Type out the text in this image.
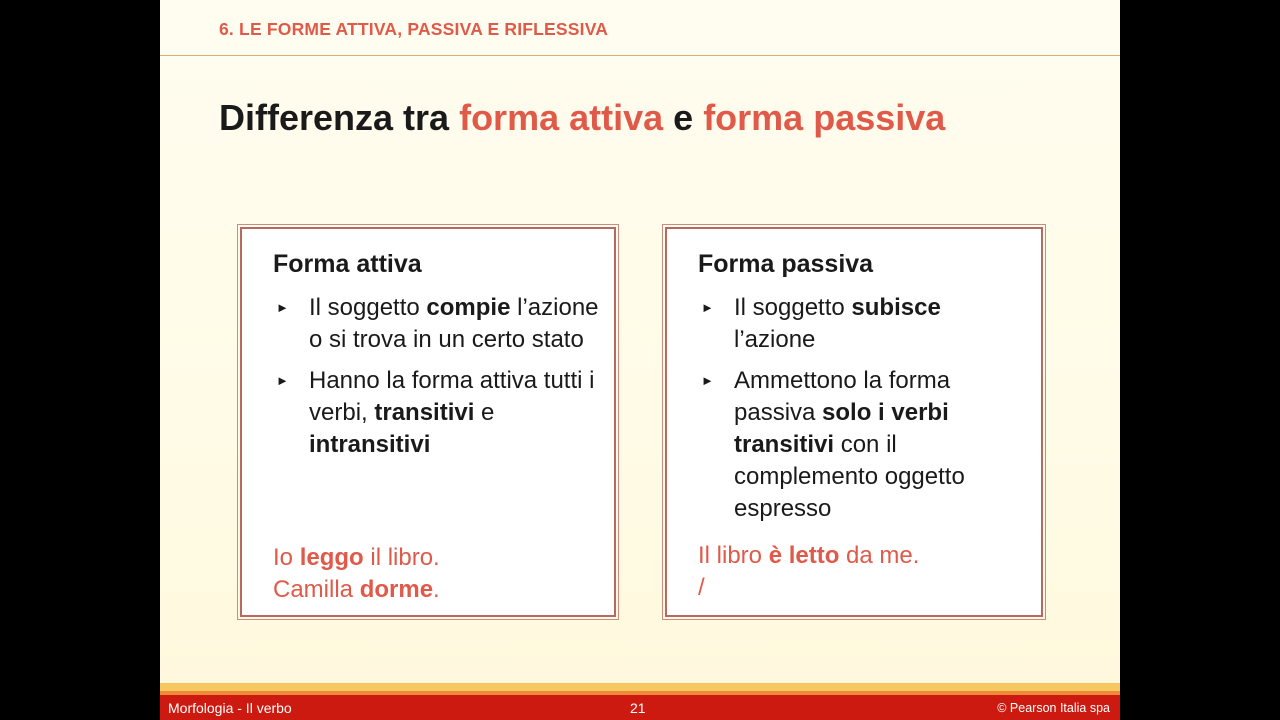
6. LE FORME ATTIVA, PASSIVA E RIFLESSIVA
Differenza tra forma attiva e forma passiva
Forma attiva
► Il soggetto compie l’azione o si trova in un certo stato
► Hanno la forma attiva tutti i verbi, transitivi e intransitivi
Io leggo il libro.
Camilla dorme.
Forma passiva
► Il soggetto subisce l’azione
► Ammettono la forma passiva solo i verbi transitivi con il complemento oggetto espresso
Il libro è letto da me.
/
Morfologia - Il verbo	21	© Pearson Italia spa
